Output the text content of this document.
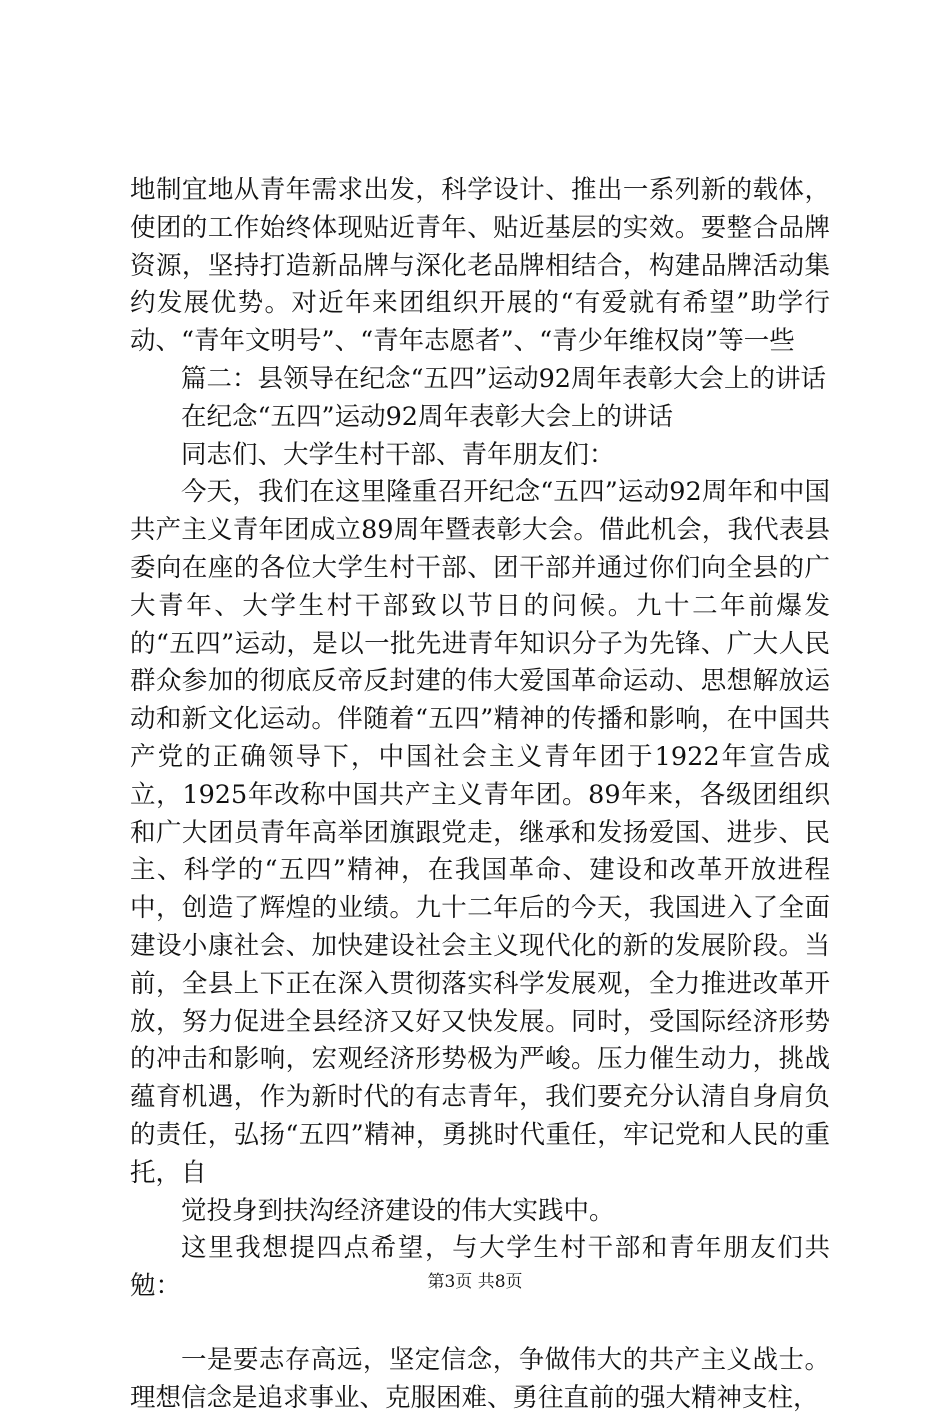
地制宜地从青年需求出发，科学设计、推出一系列新的载体，使团的工作始终体现贴近青年、贴近基层的实效。要整合品牌资源，坚持打造新品牌与深化老品牌相结合，构建品牌活动集约发展优势。对近年来团组织开展的“有爱就有希望”助学行动、“青年文明号”、“青年志愿者”、“青少年维权岗”等一些

篇二：县领导在纪念“五四”运动92周年表彰大会上的讲话

在纪念“五四”运动92周年表彰大会上的讲话

同志们、大学生村干部、青年朋友们：

今天，我们在这里隆重召开纪念“五四”运动92周年和中国共产主义青年团成立89周年暨表彰大会。借此机会，我代表县委向在座的各位大学生村干部、团干部并通过你们向全县的广大青年、大学生村干部致以节日的问候。九十二年前爆发的“五四”运动，是以一批先进青年知识分子为先锋、广大人民群众参加的彻底反帝反封建的伟大爱国革命运动、思想解放运动和新文化运动。伴随着“五四”精神的传播和影响，在中国共产党的正确领导下，中国社会主义青年团于1922年宣告成立，1925年改称中国共产主义青年团。89年来，各级团组织和广大团员青年高举团旗跟党走，继承和发扬爱国、进步、民主、科学的“五四”精神，在我国革命、建设和改革开放进程中，创造了辉煌的业绩。九十二年后的今天，我国进入了全面建设小康社会、加快建设社会主义现代化的新的发展阶段。当前，全县上下正在深入贯彻落实科学发展观，全力推进改革开放，努力促进全县经济又好又快发展。同时，受国际经济形势的冲击和影响，宏观经济形势极为严峻。压力催生动力，挑战蕴育机遇，作为新时代的有志青年，我们要充分认清自身肩负的责任，弘扬“五四”精神，勇挑时代重任，牢记党和人民的重托，自

觉投身到扶沟经济建设的伟大实践中。

这里我想提四点希望，与大学生村干部和青年朋友们共勉：

一是要志存高远，坚定信念，争做伟大的共产主义战士。理想信念是追求事业、克服困难、勇往直前的强大精神支柱，

第3页 共8页
